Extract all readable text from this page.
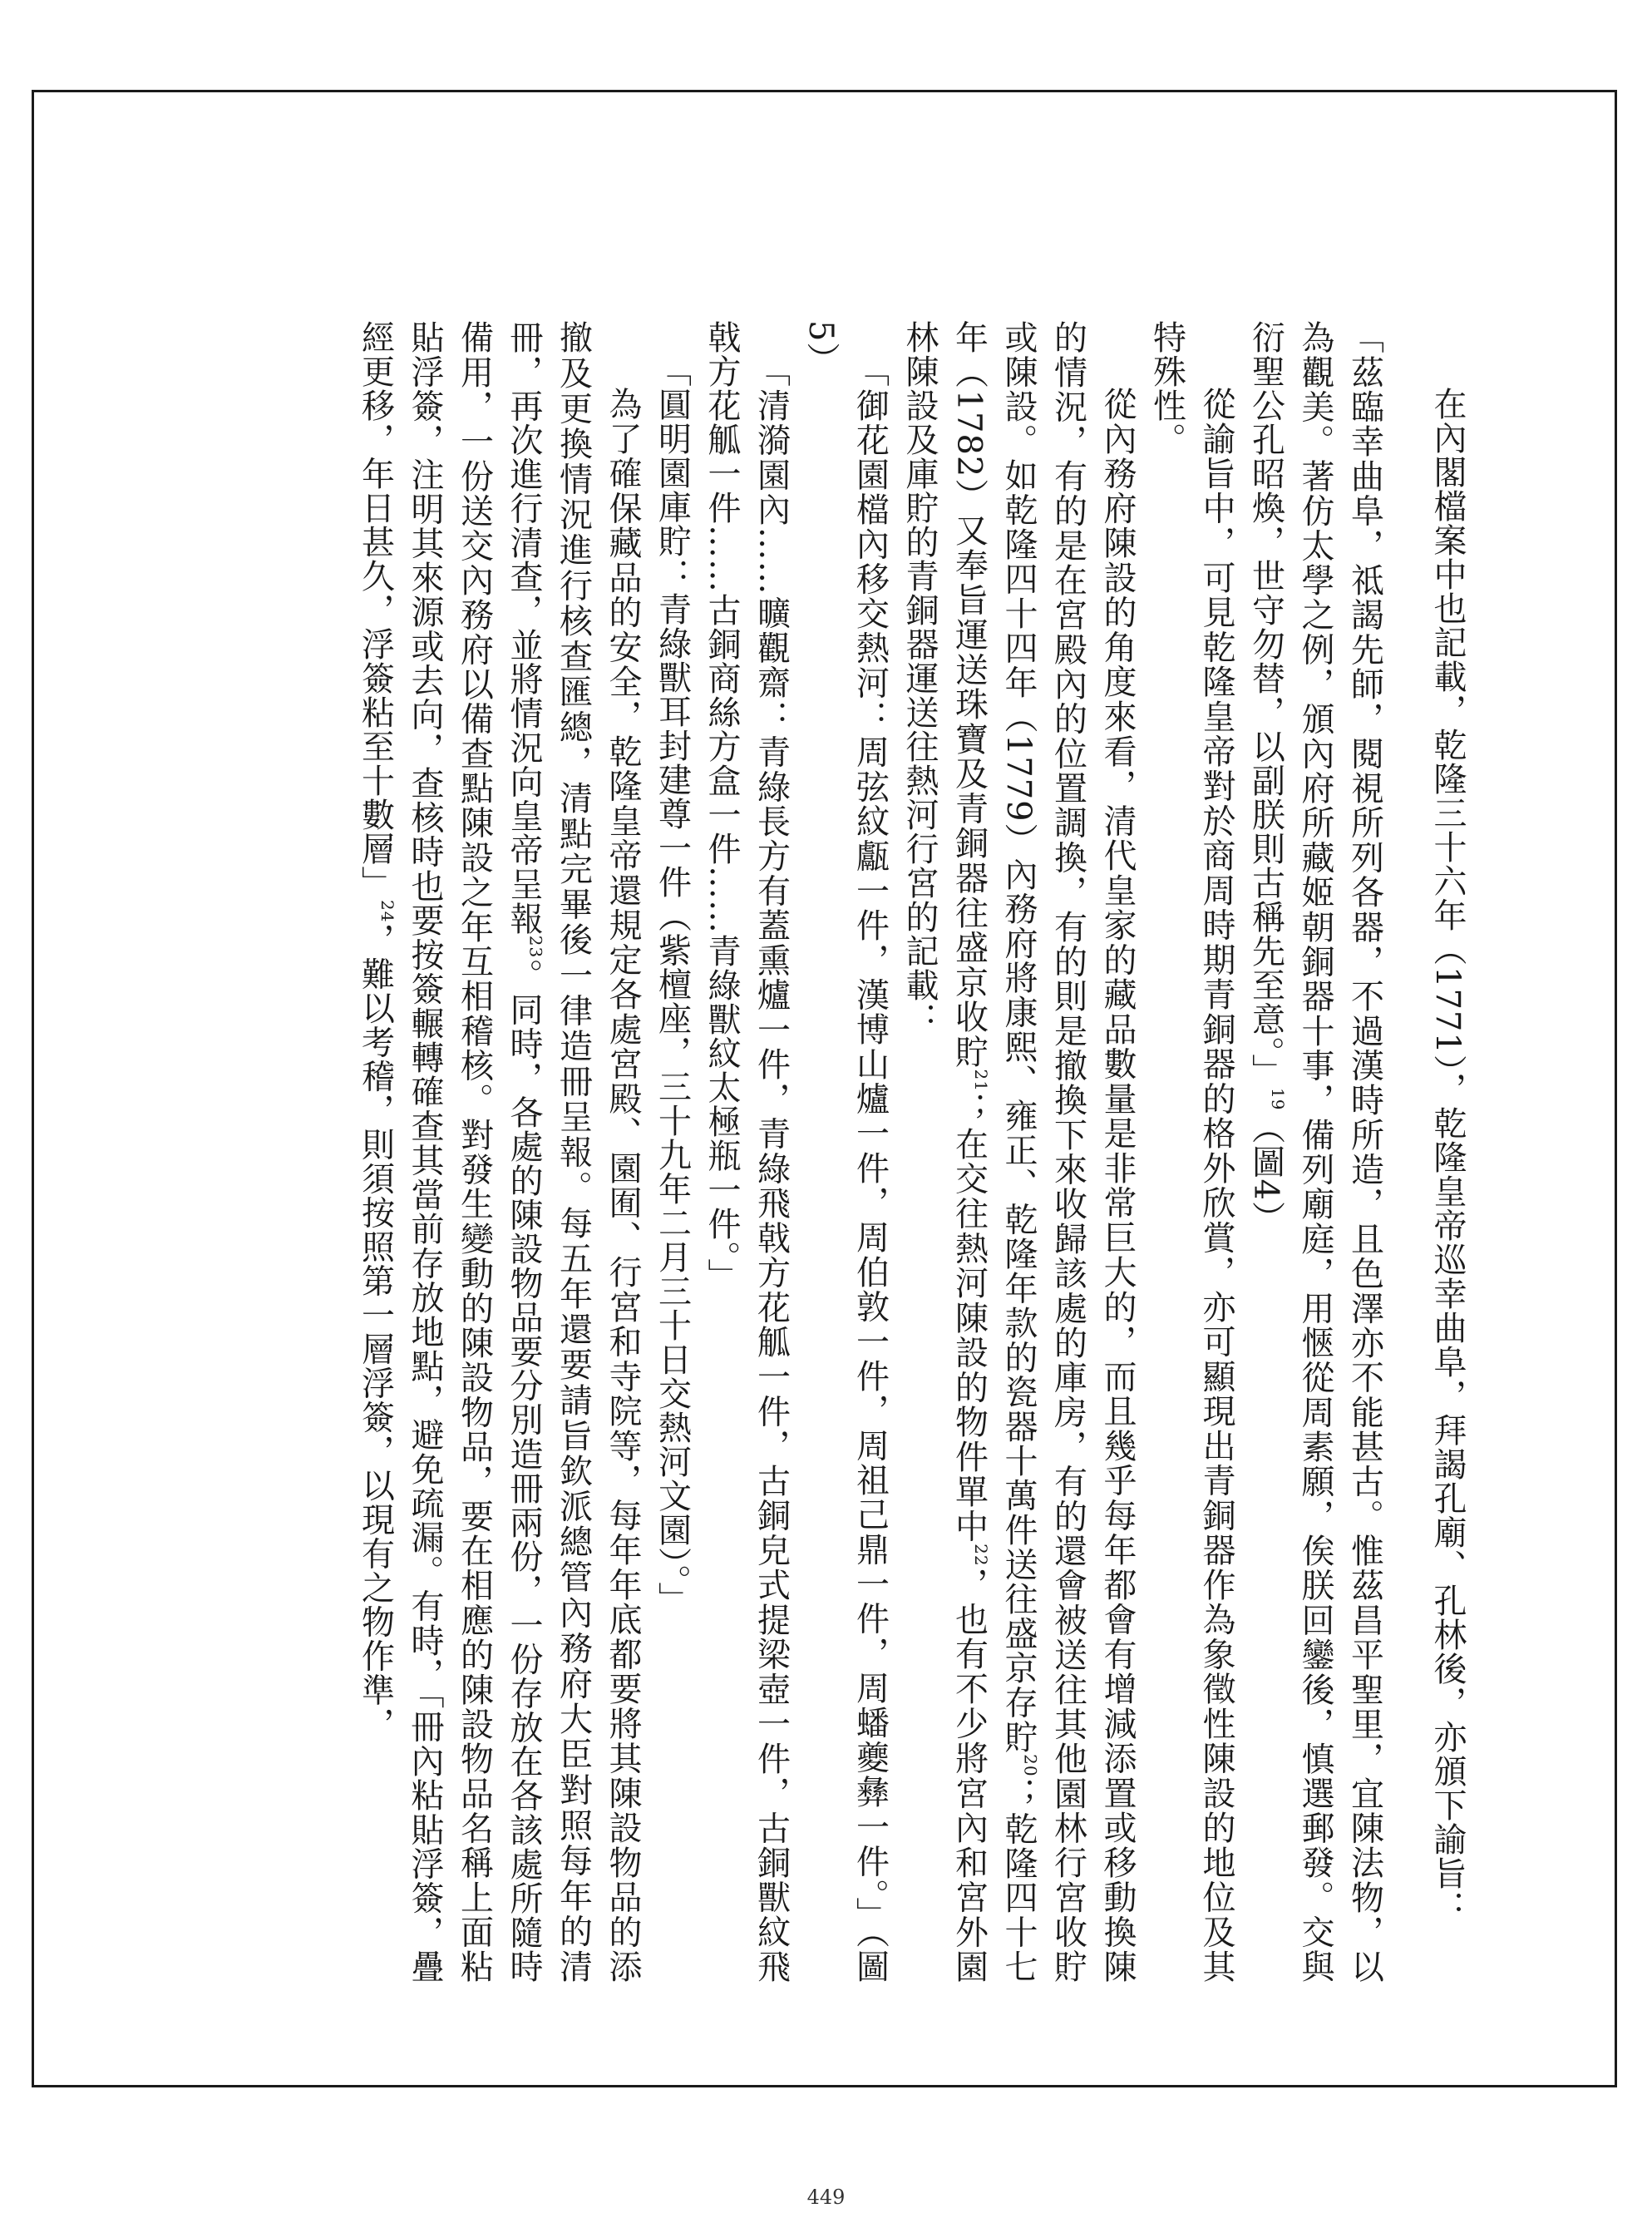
在內閣檔案中也記載，乾隆三十六年（1771），乾隆皇帝巡幸曲阜，拜謁孔廟、孔林後，亦頒下諭旨：

「茲臨幸曲阜，祗謁先師，閱視所列各器，不過漢時所造，且色澤亦不能甚古。惟茲昌平聖里，宜陳法物，以為觀美。著仿太學之例，頒內府所藏姬朝銅器十事，備列廟庭，用愜從周素願，俟朕回鑾後，慎選郵發。交與衍聖公孔昭煥，世守勿替，以副朕則古稱先至意。」$^{19}$（圖4）

從諭旨中，可見乾隆皇帝對於商周時期青銅器的格外欣賞，亦可顯現出青銅器作為象徵性陳設的地位及其特殊性。

從內務府陳設的角度來看，清代皇家的藏品數量是非常巨大的，而且幾乎每年都會有增減添置或移動換陳的情況，有的是在宮殿內的位置調換，有的則是撤換下來收歸該處的庫房，有的還會被送往其他園林行宮收貯或陳設。如乾隆四十四年（1779）內務府將康熙、雍正、乾隆年款的瓷器十萬件送往盛京存貯$^{20}$；乾隆四十七年（1782）又奉旨運送珠寶及青銅器往盛京收貯$^{21}$；在交往熱河陳設的物件單中$^{22}$，也有不少將宮內和宮外園林陳設及庫貯的青銅器運送往熱河行宮的記載：

「御花園檔內移交熱河：周弦紋甗一件，漢博山爐一件，周伯敦一件，周祖己鼎一件，周蟠夔彝一件。」（圖5）

「清漪園內……曠觀齋：青綠長方有蓋熏爐一件，青綠飛戟方花觚一件，古銅皃式提梁壺一件，古銅獸紋飛戟方花觚一件……古銅商絲方盒一件……青綠獸紋太極瓶一件。」

「圓明園庫貯：青綠獸耳封建尊一件（紫檀座，三十九年二月三十日交熱河文園）。」

為了確保藏品的安全，乾隆皇帝還規定各處宮殿、園囿、行宮和寺院等，每年年底都要將其陳設物品的添撤及更換情況進行核查匯總，清點完畢後一律造冊呈報。每五年還要請旨欽派總管內務府大臣對照每年的清冊，再次進行清查，並將情況向皇帝呈報$^{23}$。同時，各處的陳設物品要分別造冊兩份，一份存放在各該處所隨時備用，一份送交內務府以備查點陳設之年互相稽核。對發生變動的陳設物品，要在相應的陳設物品名稱上面粘貼浮簽，注明其來源或去向，查核時也要按簽輾轉確查其當前存放地點，避免疏漏。有時，「冊內粘貼浮簽，疊經更移，年日甚久，浮簽粘至十數層」$^{24}$，難以考稽，則須按照第一層浮簽，以現有之物作準，

449
